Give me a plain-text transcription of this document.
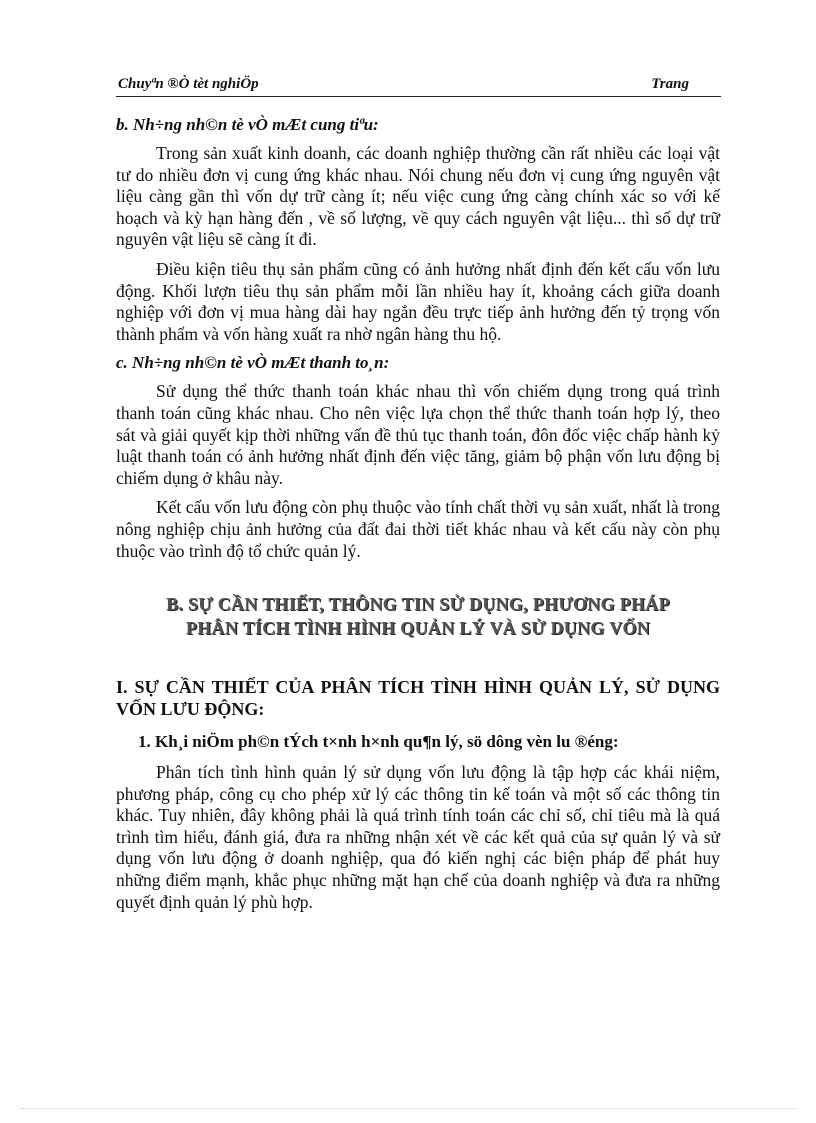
Chuyªn ®Ò tèt nghiÖp	Trang
b. Nh÷ng nh©n tè vÒ mÆt cung tiªu:

Trong sản xuất kinh doanh, các doanh nghiệp thường cần rất nhiều các loại vật tư do nhiều đơn vị cung ứng khác nhau. Nói chung nếu đơn vị cung ứng nguyên vật liệu càng gần thì vốn dự trữ càng ít; nếu việc cung ứng càng chính xác so với kế hoạch và kỳ hạn hàng đến , về số lượng, về quy cách nguyên vật liệu... thì số dự trữ nguyên vật liệu sẽ càng ít đi.

Điều kiện tiêu thụ sản phẩm cũng có ảnh hưởng nhất định đến kết cấu vốn lưu động. Khối lượn tiêu thụ sản phẩm mỗi lần nhiều hay ít, khoảng cách giữa doanh nghiệp với đơn vị mua hàng dài hay ngắn đều trực tiếp ảnh hưởng đến tỷ trọng vốn thành phẩm và vốn hàng xuất ra nhờ ngân hàng thu hộ.

c. Nh÷ng nh©n tè vÒ mÆt thanh to¸n:

Sử dụng thể thức thanh toán khác nhau thì vốn chiếm dụng trong quá trình thanh toán cũng khác nhau. Cho nên việc lựa chọn thể thức thanh toán hợp lý, theo sát và giải quyết kịp thời những vấn đề thủ tục thanh toán, đôn đốc việc chấp hành kỷ luật thanh toán có ảnh hưởng nhất định đến việc tăng, giảm bộ phận vốn lưu động bị chiếm dụng ở khâu này.

Kết cấu vốn lưu động còn phụ thuộc vào tính chất thời vụ sản xuất, nhất là trong nông nghiệp chịu ảnh hưởng của đất đai thời tiết khác nhau và kết cấu này còn phụ thuộc vào trình độ tổ chức quản lý.

B. SỰ CẦN THIẾT, THÔNG TIN SỬ DỤNG, PHƯƠNG PHÁP
PHÂN TÍCH TÌNH HÌNH QUẢN LÝ VÀ SỬ DỤNG VỐN
I. SỰ CẦN THIẾT CỦA PHÂN TÍCH TÌNH HÌNH QUẢN LÝ, SỬ DỤNG VỐN LƯU ĐỘNG:
1. Kh¸i niÖm ph©n tÝch t×nh h×nh qu¶n lý, sö dông vèn lu ®éng:

Phân tích tình hình quản lý sử dụng vốn lưu động là tập hợp các khái niệm, phương pháp, công cụ cho phép xử lý các thông tin kế toán và một số các thông tin khác. Tuy nhiên, đây không phải là quá trình tính toán các chỉ số, chỉ tiêu mà là quá trình tìm hiểu, đánh giá, đưa ra những nhận xét về các kết quả của sự quản lý và sử dụng vốn lưu động ở doanh nghiệp, qua đó kiến nghị các biện pháp để phát huy những điểm mạnh, khắc phục những mặt hạn chế của doanh nghiệp và đưa ra những quyết định quản lý phù hợp.
